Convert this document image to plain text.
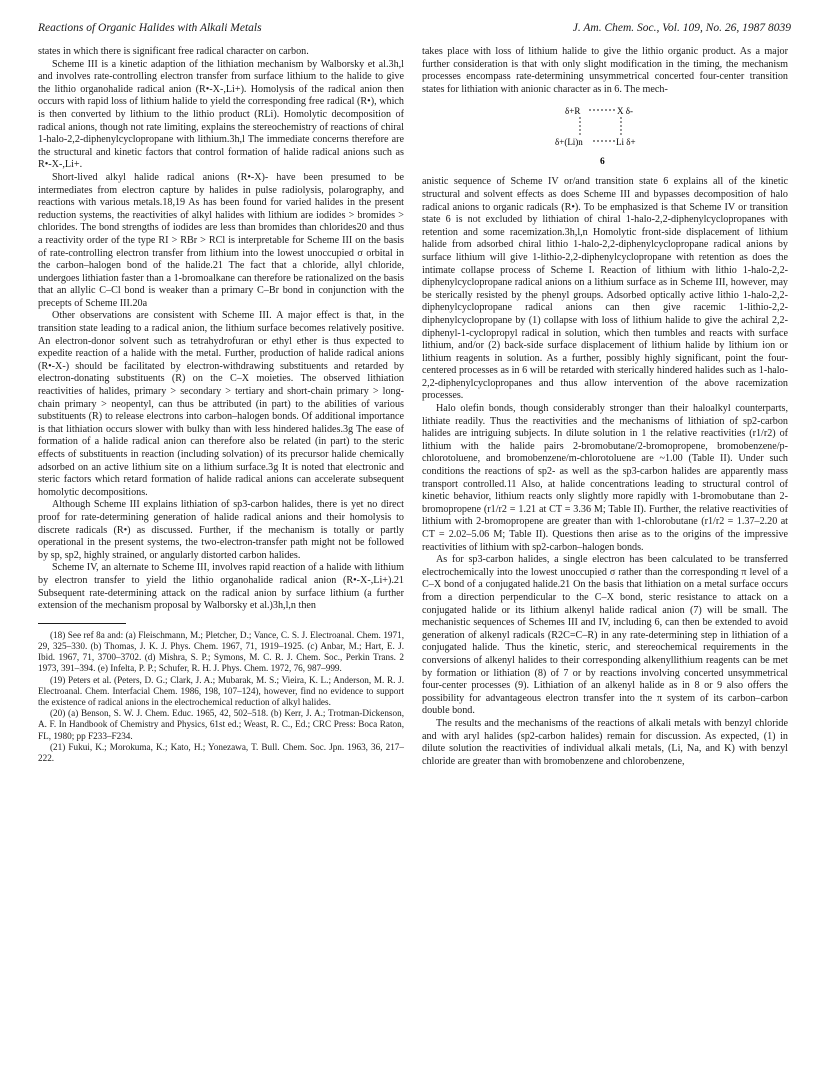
Reactions of Organic Halides with Alkali Metals	J. Am. Chem. Soc., Vol. 109, No. 26, 1987 8039

states in which there is significant free radical character on carbon.

Scheme III is a kinetic adaption of the lithiation mechanism by Walborsky et al.3h,l and involves rate-controlling electron transfer from surface lithium to the halide to give the lithio organohalide radical anion (R•-X-,Li+). Homolysis of the radical anion then occurs with rapid loss of lithium halide to yield the corresponding free radical (R•), which is then converted by lithium to the lithio product (RLi). Homolytic decomposition of radical anions, though not rate limiting, explains the stereochemistry of reactions of chiral 1-halo-2,2-diphenylcyclopropane with lithium.3h,l The immediate concerns therefore are the structural and kinetic factors that control formation of halide radical anions such as R•-X-,Li+.

Short-lived alkyl halide radical anions (R•-X)- have been presumed to be intermediates from electron capture by halides in pulse radiolysis, polarography, and reactions with various metals.18,19 As has been found for varied halides in the present reduction systems, the reactivities of alkyl halides with lithium are iodides > bromides > chlorides. The bond strengths of iodides are less than bromides than chlorides20 and thus a reactivity order of the type RI > RBr > RCl is interpretable for Scheme III on the basis of rate-controlling electron transfer from lithium into the lowest unoccupied σ orbital in the carbon–halogen bond of the halide.21 The fact that a chloride, allyl chloride, undergoes lithiation faster than a 1-bromoalkane can therefore be rationalized on the basis that an allylic C–Cl bond is weaker than a primary C–Br bond in conjunction with the precepts of Scheme III.20a

Other observations are consistent with Scheme III. A major effect is that, in the transition state leading to a radical anion, the lithium surface becomes relatively positive. An electron-donor solvent such as tetrahydrofuran or ethyl ether is thus expected to expedite reaction of a halide with the metal. Further, production of halide radical anions (R•-X-) should be facilitated by electron-withdrawing substituents and retarded by electron-donating substituents (R) on the C–X moieties. The observed lithiation reactivities of halides, primary > secondary > tertiary and short-chain primary > long-chain primary > neopentyl, can thus be attributed (in part) to the abilities of various substituents (R) to release electrons into carbon–halogen bonds. Of additional importance is that lithiation occurs slower with bulky than with less hindered halides.3g The ease of formation of a halide radical anion can therefore also be related (in part) to the steric effects of substituents in reaction (including solvation) of its precursor halide chemically adsorbed on an active lithium site on a lithium surface.3g It is noted that electronic and steric factors which retard formation of halide radical anions can accelerate subsequent homolytic decompositions.

Although Scheme III explains lithiation of sp3-carbon halides, there is yet no direct proof for rate-determining generation of halide radical anions and their homolysis to discrete radicals (R•) as discussed. Further, if the mechanism is totally or partly operational in the present systems, the two-electron-transfer path might not be followed by sp, sp2, highly strained, or angularly distorted carbon halides.

Scheme IV, an alternate to Scheme III, involves rapid reaction of a halide with lithium by electron transfer to yield the lithio organohalide radical anion (R•-X-,Li+).21 Subsequent rate-determining attack on the radical anion by surface lithium (a further extension of the mechanism proposal by Walborsky et al.)3h,l,n then

(18) See ref 8a and: (a) Fleischmann, M.; Pletcher, D.; Vance, C. S. J. Electroanal. Chem. 1971, 29, 325–330. (b) Thomas, J. K. J. Phys. Chem. 1967, 71, 1919–1925. (c) Anbar, M.; Hart, E. J. Ibid. 1967, 71, 3700–3702. (d) Mishra, S. P.; Symons, M. C. R. J. Chem. Soc., Perkin Trans. 2 1973, 391–394. (e) Infelta, P. P.; Schufer, R. H. J. Phys. Chem. 1972, 76, 987–999.

(19) Peters et al. (Peters, D. G.; Clark, J. A.; Mubarak, M. S.; Vieira, K. L.; Anderson, M. R. J. Electroanal. Chem. Interfacial Chem. 1986, 198, 107–124), however, find no evidence to support the existence of radical anions in the electrochemical reduction of alkyl halides.

(20) (a) Benson, S. W. J. Chem. Educ. 1965, 42, 502–518. (b) Kerr, J. A.; Trotman-Dickenson, A. F. In Handbook of Chemistry and Physics, 61st ed.; Weast, R. C., Ed.; CRC Press: Boca Raton, FL, 1980; pp F233–F234.

(21) Fukui, K.; Morokuma, K.; Kato, H.; Yonezawa, T. Bull. Chem. Soc. Jpn. 1963, 36, 217–222.

takes place with loss of lithium halide to give the lithio organic product. As a major further consideration is that with only slight modification in the timing, the mechanism processes encompass rate-determining unsymmetrical concerted four-center transition states for lithiation with anionic character as in 6. The mech-

δ+R	X δ-
δ+(Li)n	Li δ+
6

anistic sequence of Scheme IV or/and transition state 6 explains all of the kinetic structural and solvent effects as does Scheme III and bypasses decomposition of halo radical anions to organic radicals (R•). To be emphasized is that Scheme IV or transition state 6 is not excluded by lithiation of chiral 1-halo-2,2-diphenylcyclopropanes with retention and some racemization.3h,l,n Homolytic front-side displacement of lithium halide from adsorbed chiral lithio 1-halo-2,2-diphenylcyclopropane radical anions by surface lithium will give 1-lithio-2,2-diphenylcyclopropane with retention as does the intimate collapse process of Scheme I. Reaction of lithium with lithio 1-halo-2,2-diphenylcyclopropane radical anions on a lithium surface as in Scheme III, however, may be sterically resisted by the phenyl groups. Adsorbed optically active lithio 1-halo-2,2-diphenylcyclopropane radical anions can then give racemic 1-lithio-2,2-diphenylcyclopropane by (1) collapse with loss of lithium halide to give the achiral 2,2-diphenyl-1-cyclopropyl radical in solution, which then tumbles and reacts with surface lithium, and/or (2) back-side surface displacement of lithium halide by lithium ion or lithium reagents in solution. As a further, possibly highly significant, point the four-centered processes as in 6 will be retarded with sterically hindered halides such as 1-halo-2,2-diphenylcyclopropanes and thus allow intervention of the above racemization processes.

Halo olefin bonds, though considerably stronger than their haloalkyl counterparts, lithiate readily. Thus the reactivities and the mechanisms of lithiation of sp2-carbon halides are intriguing subjects. In dilute solution in 1 the relative reactivities (r1/r2) of lithium with the halide pairs 2-bromobutane/2-bromopropene, bromobenzene/p-chlorotoluene, and bromobenzene/m-chlorotoluene are ~1.00 (Table II). Under such conditions the reactions of sp2- as well as the sp3-carbon halides are apparently mass transport controlled.11 Also, at halide concentrations leading to structural control of kinetic behavior, lithium reacts only slightly more rapidly with 1-bromobutane than 2-bromopropene (r1/r2 = 1.21 at CT = 3.36 M; Table II). Further, the relative reactivities of lithium with 2-bromopropene are greater than with 1-chlorobutane (r1/r2 = 1.37–2.20 at CT = 2.02–5.06 M; Table II). Questions then arise as to the origins of the impressive reactivities of lithium with sp2-carbon–halogen bonds.

As for sp3-carbon halides, a single electron has been calculated to be transferred electrochemically into the lowest unoccupied σ rather than the corresponding π level of a C–X bond of a conjugated halide.21 On the basis that lithiation on a metal surface occurs from a direction perpendicular to the C–X bond, steric resistance to attack on a conjugated halide or its lithium alkenyl halide radical anion (7) will be small. The mechanistic sequences of Schemes III and IV, including 6, can then be extended to avoid generation of alkenyl radicals (R2C=C–R) in any rate-determining step in lithiation of a conjugated halide. Thus the kinetic, steric, and stereochemical requirements in the conversions of alkenyl halides to their corresponding alkenyllithium reagents can be met by formation or lithiation (8) of 7 or by reactions involving concerted unsymmetrical four-center processes (9). Lithiation of an alkenyl halide as in 8 or 9 also offers the possibility for advantageous electron transfer into the π system of its carbon–carbon double bond.

The results and the mechanisms of the reactions of alkali metals with benzyl chloride and with aryl halides (sp2-carbon halides) remain for discussion. As expected, (1) in dilute solution the reactivities of individual alkali metals, (Li, Na, and K) with benzyl chloride are greater than with bromobenzene and chlorobenzene,
